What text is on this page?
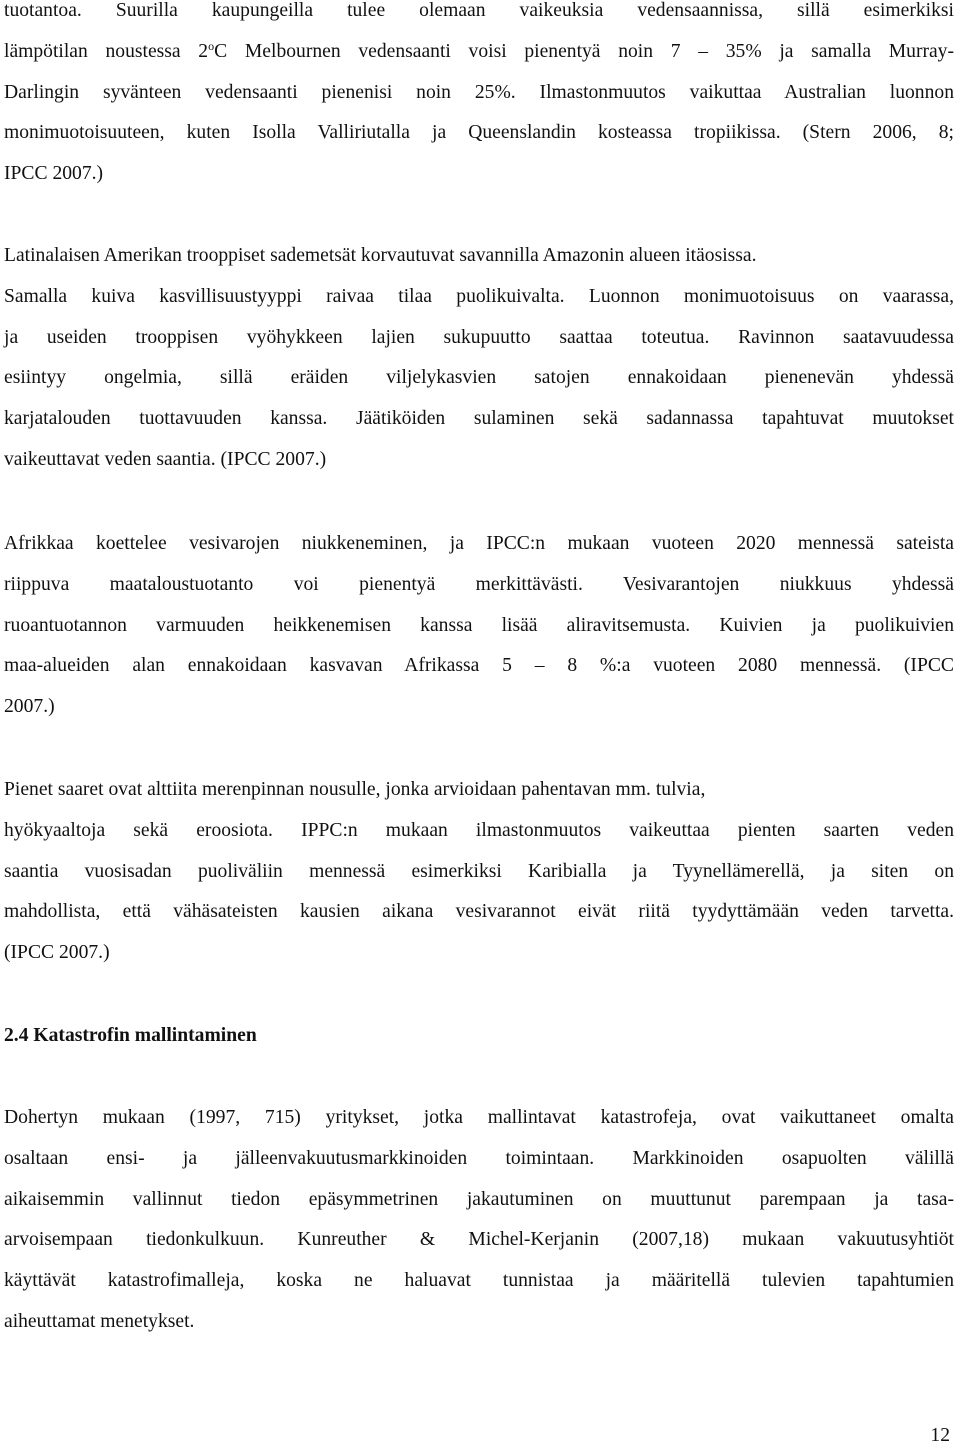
tuotantoa. Suurilla kaupungeilla tulee olemaan vaikeuksia vedensaannissa, sillä esimerkiksi
lämpötilan noustessa 2$^o$C Melbournen vedensaanti voisi pienentyä noin 7 – 35% ja samalla Murray-
Darlingin syvänteen vedensaanti pienenisi noin 25%. Ilmastonmuutos vaikuttaa Australian luonnon
monimuotoisuuteen, kuten Isolla Valliriutalla ja Queenslandin kosteassa tropiikissa. (Stern 2006, 8;
IPCC 2007.)
Latinalaisen Amerikan trooppiset sademetsät korvautuvat savannilla Amazonin alueen itäosissa.
Samalla kuiva kasvillisuustyyppi raivaa tilaa puolikuivalta. Luonnon monimuotoisuus on vaarassa,
ja useiden trooppisen vyöhykkeen lajien sukupuutto saattaa toteutua. Ravinnon saatavuudessa
esiintyy ongelmia, sillä eräiden viljelykasvien satojen ennakoidaan pienenevän yhdessä
karjatalouden tuottavuuden kanssa. Jäätiköiden sulaminen sekä sadannassa tapahtuvat muutokset
vaikeuttavat veden saantia. (IPCC 2007.)
Afrikkaa koettelee vesivarojen niukkeneminen, ja IPCC:n mukaan vuoteen 2020 mennessä sateista
riippuva maataloustuotanto voi pienentyä merkittävästi. Vesivarantojen niukkuus yhdessä
ruoantuotannon varmuuden heikkenemisen kanssa lisää aliravitsemusta. Kuivien ja puolikuivien
maa-alueiden alan ennakoidaan kasvavan Afrikassa 5 – 8 %:a vuoteen 2080 mennessä. (IPCC
2007.)
Pienet saaret ovat alttiita merenpinnan nousulle, jonka arvioidaan pahentavan mm. tulvia,
hyökyaaltoja sekä eroosiota. IPPC:n mukaan ilmastonmuutos vaikeuttaa pienten saarten veden
saantia vuosisadan puoliväliin mennessä esimerkiksi Karibialla ja Tyynellämerellä, ja siten on
mahdollista, että vähäsateisten kausien aikana vesivarannot eivät riitä tyydyttämään veden tarvetta.
(IPCC 2007.)
2.4 Katastrofin mallintaminen
Dohertyn mukaan (1997, 715) yritykset, jotka mallintavat katastrofeja, ovat vaikuttaneet omalta
osaltaan ensi- ja jälleenvakuutusmarkkinoiden toimintaan. Markkinoiden osapuolten välillä
aikaisemmin vallinnut tiedon epäsymmetrinen jakautuminen on muuttunut parempaan ja tasa-
arvoisempaan tiedonkulkuun. Kunreuther & Michel-Kerjanin (2007,18) mukaan vakuutusyhtiöt
käyttävät katastrofimalleja, koska ne haluavat tunnistaa ja määritellä tulevien tapahtumien
aiheuttamat menetykset.
12
